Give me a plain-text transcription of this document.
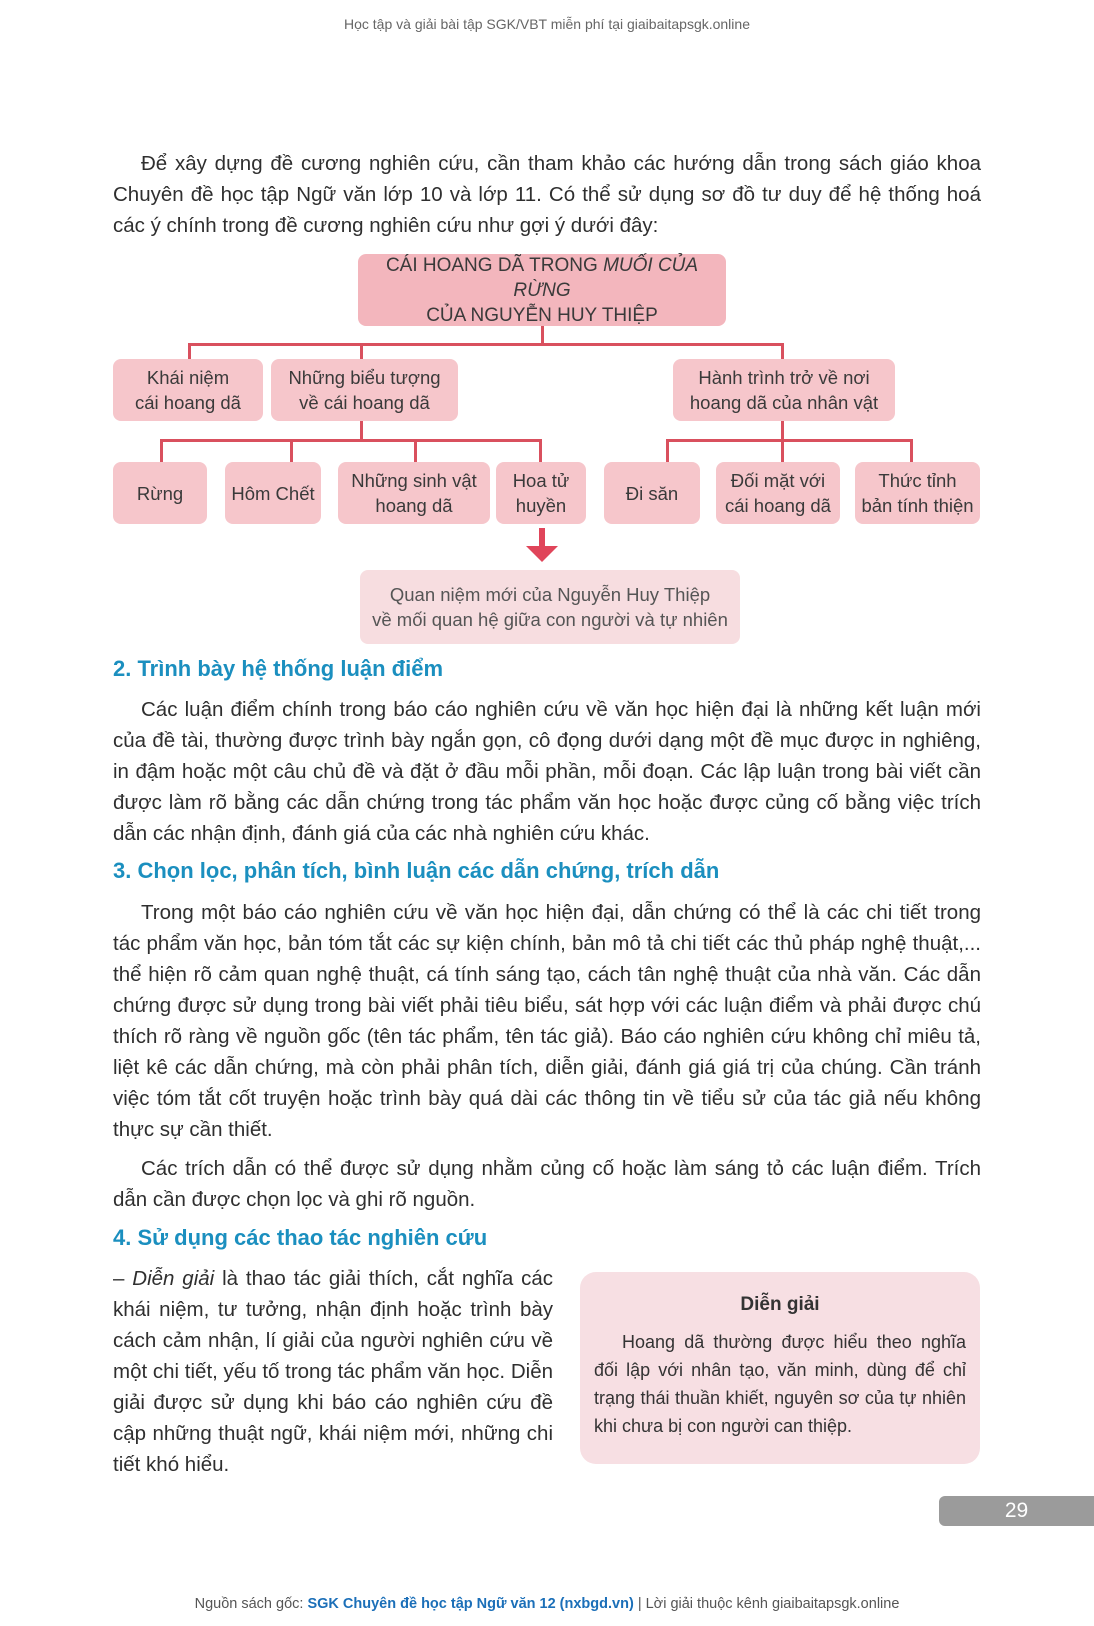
Học tập và giải bài tập SGK/VBT miễn phí tại giaibaitapsgk.online

Để xây dựng đề cương nghiên cứu, cần tham khảo các hướng dẫn trong sách giáo khoa Chuyên đề học tập Ngữ văn lớp 10 và lớp 11. Có thể sử dụng sơ đồ tư duy để hệ thống hoá các ý chính trong đề cương nghiên cứu như gợi ý dưới đây:

CÁI HOANG DÃ TRONG MUỐI CỦA RỪNG
CỦA NGUYỄN HUY THIỆP
Khái niệm
cái hoang dã
Những biểu tượng
về cái hoang dã
Hành trình trở về nơi
hoang dã của nhân vật
Rừng	Hôm Chết
Những sinh vật
hoang dã
Hoa tử
huyền
Đi săn
Đối mặt với
cái hoang dã
Thức tỉnh
bản tính thiện
Quan niệm mới của Nguyễn Huy Thiệp
về mối quan hệ giữa con người và tự nhiên
2. Trình bày hệ thống luận điểm

Các luận điểm chính trong báo cáo nghiên cứu về văn học hiện đại là những kết luận mới của đề tài, thường được trình bày ngắn gọn, cô đọng dưới dạng một đề mục được in nghiêng, in đậm hoặc một câu chủ đề và đặt ở đầu mỗi phần, mỗi đoạn. Các lập luận trong bài viết cần được làm rõ bằng các dẫn chứng trong tác phẩm văn học hoặc được củng cố bằng việc trích dẫn các nhận định, đánh giá của các nhà nghiên cứu khác.

3. Chọn lọc, phân tích, bình luận các dẫn chứng, trích dẫn

Trong một báo cáo nghiên cứu về văn học hiện đại, dẫn chứng có thể là các chi tiết trong tác phẩm văn học, bản tóm tắt các sự kiện chính, bản mô tả chi tiết các thủ pháp nghệ thuật,... thể hiện rõ cảm quan nghệ thuật, cá tính sáng tạo, cách tân nghệ thuật của nhà văn. Các dẫn chứng được sử dụng trong bài viết phải tiêu biểu, sát hợp với các luận điểm và phải được chú thích rõ ràng về nguồn gốc (tên tác phẩm, tên tác giả). Báo cáo nghiên cứu không chỉ miêu tả, liệt kê các dẫn chứng, mà còn phải phân tích, diễn giải, đánh giá giá trị của chúng. Cần tránh việc tóm tắt cốt truyện hoặc trình bày quá dài các thông tin về tiểu sử của tác giả nếu không thực sự cần thiết.

Các trích dẫn có thể được sử dụng nhằm củng cố hoặc làm sáng tỏ các luận điểm. Trích dẫn cần được chọn lọc và ghi rõ nguồn.

4. Sử dụng các thao tác nghiên cứu

– Diễn giải là thao tác giải thích, cắt nghĩa các khái niệm, tư tưởng, nhận định hoặc trình bày cách cảm nhận, lí giải của người nghiên cứu về một chi tiết, yếu tố trong tác phẩm văn học. Diễn giải được sử dụng khi báo cáo nghiên cứu đề cập những thuật ngữ, khái niệm mới, những chi tiết khó hiểu.

Diễn giải
Hoang dã thường được hiểu theo nghĩa đối lập với nhân tạo, văn minh, dùng để chỉ trạng thái thuần khiết, nguyên sơ của tự nhiên khi chưa bị con người can thiệp.
29
Nguồn sách gốc: SGK Chuyên đề học tập Ngữ văn 12 (nxbgd.vn) | Lời giải thuộc kênh giaibaitapsgk.online
